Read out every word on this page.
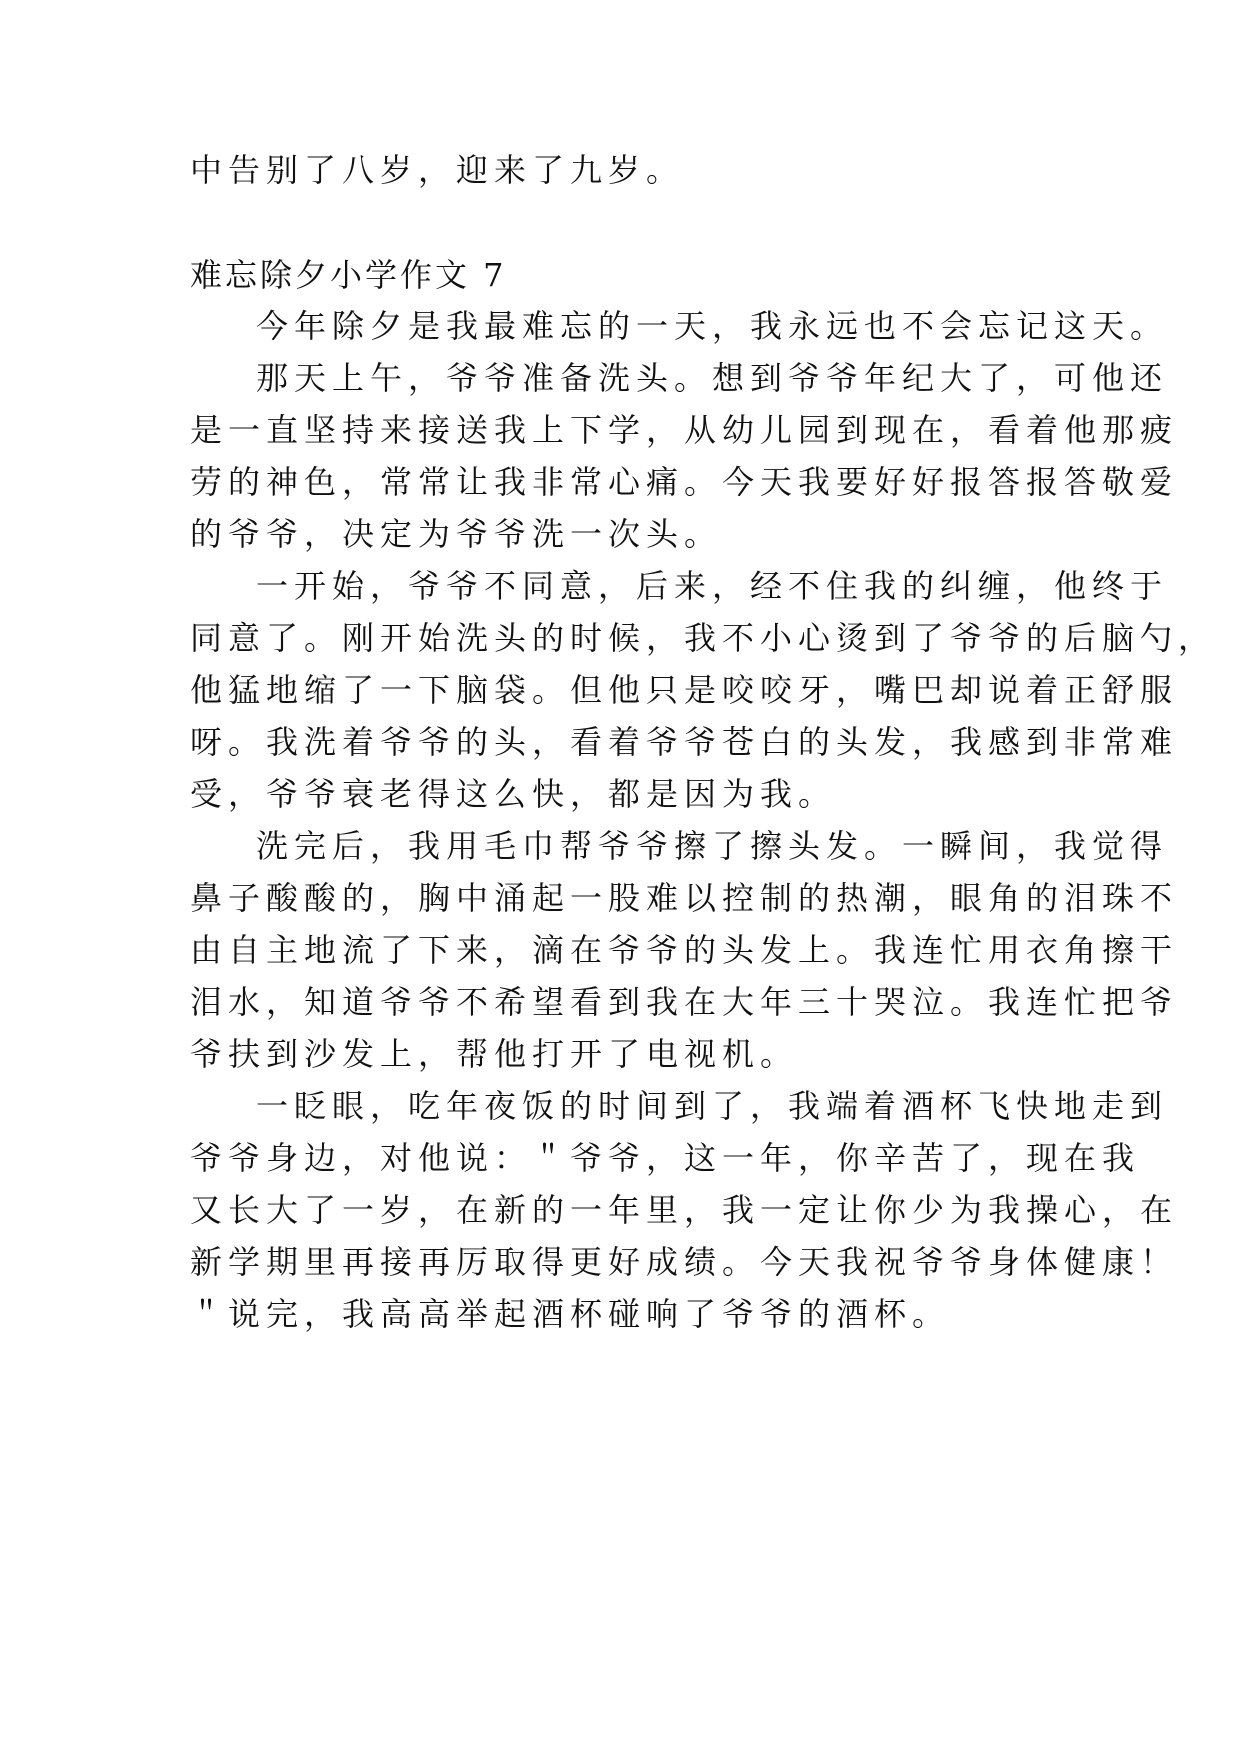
中告别了八岁，迎来了九岁。
难忘除夕小学作文 7
今年除夕是我最难忘的一天，我永远也不会忘记这天。
那天上午，爷爷准备洗头。想到爷爷年纪大了，可他还
是一直坚持来接送我上下学，从幼儿园到现在，看着他那疲
劳的神色，常常让我非常心痛。今天我要好好报答报答敬爱
的爷爷，决定为爷爷洗一次头。
一开始，爷爷不同意，后来，经不住我的纠缠，他终于
同意了。刚开始洗头的时候，我不小心烫到了爷爷的后脑勺，
他猛地缩了一下脑袋。但他只是咬咬牙，嘴巴却说着正舒服
呀。我洗着爷爷的头，看着爷爷苍白的头发，我感到非常难
受，爷爷衰老得这么快，都是因为我。
洗完后，我用毛巾帮爷爷擦了擦头发。一瞬间，我觉得
鼻子酸酸的，胸中涌起一股难以控制的热潮，眼角的泪珠不
由自主地流了下来，滴在爷爷的头发上。我连忙用衣角擦干
泪水，知道爷爷不希望看到我在大年三十哭泣。我连忙把爷
爷扶到沙发上，帮他打开了电视机。
一眨眼，吃年夜饭的时间到了，我端着酒杯飞快地走到
爷爷身边，对他说：＂爷爷，这一年，你辛苦了，现在我
又长大了一岁，在新的一年里，我一定让你少为我操心，在
新学期里再接再厉取得更好成绩。今天我祝爷爷身体健康！
＂说完，我高高举起酒杯碰响了爷爷的酒杯。
